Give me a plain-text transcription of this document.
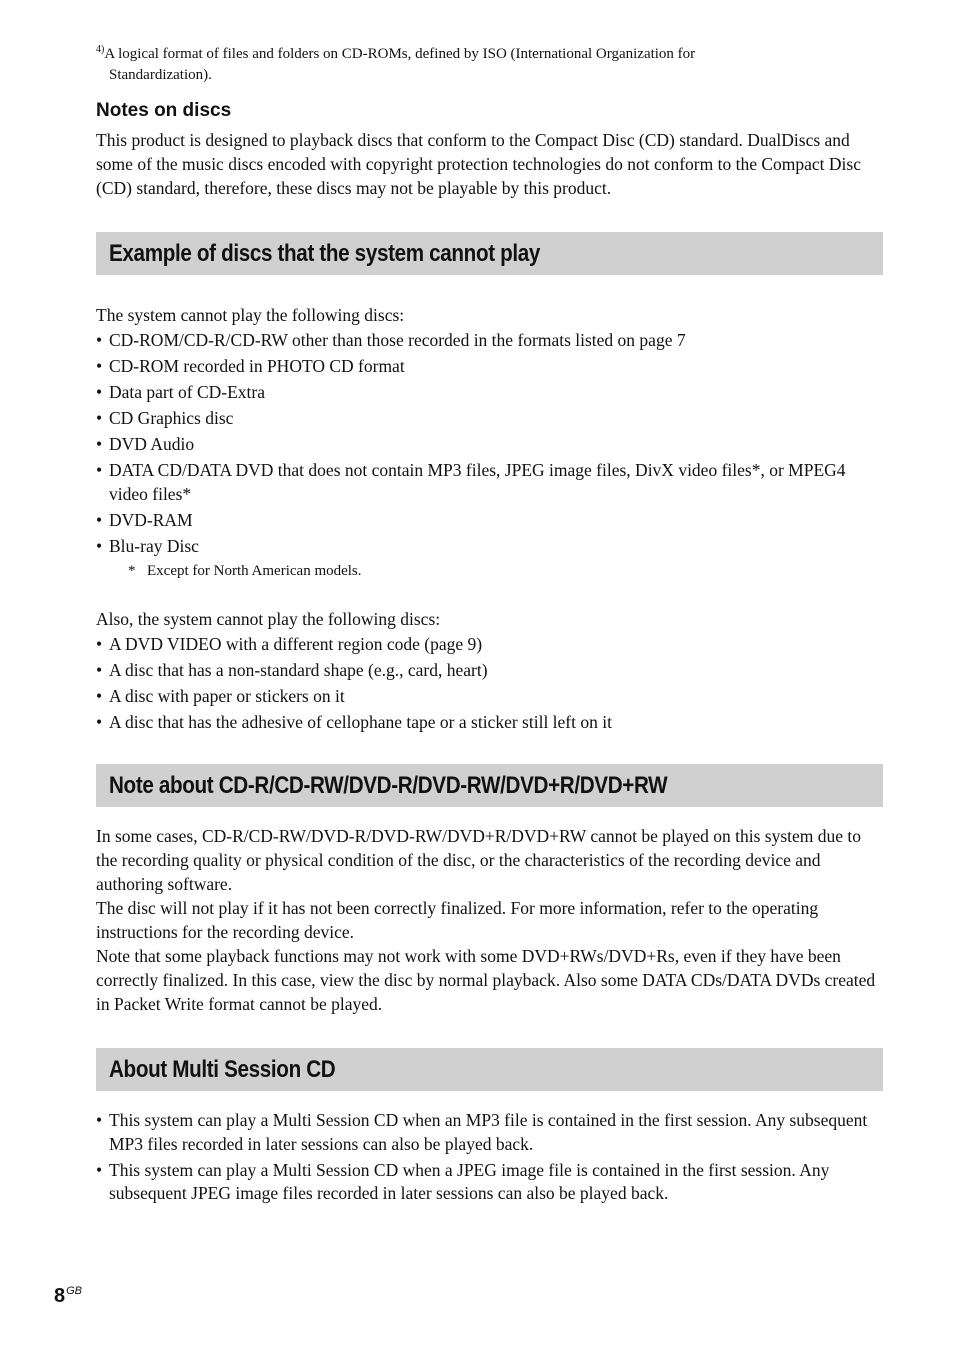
$^{4)}$A logical format of files and folders on CD-ROMs, defined by ISO (International Organization for
Standardization).

Notes on discs

This product is designed to playback discs that conform to the Compact Disc (CD) standard. DualDiscs and some of the music discs encoded with copyright protection technologies do not conform to the Compact Disc (CD) standard, therefore, these discs may not be playable by this product.

Example of discs that the system cannot play

The system cannot play the following discs:

• CD-ROM/CD-R/CD-RW other than those recorded in the formats listed on page 7
• CD-ROM recorded in PHOTO CD format
• Data part of CD-Extra
• CD Graphics disc
• DVD Audio
• DATA CD/DATA DVD that does not contain MP3 files, JPEG image files, DivX video files*, or MPEG4 video files*
• DVD-RAM
• Blu-ray Disc

* Except for North American models.

Also, the system cannot play the following discs:

• A DVD VIDEO with a different region code (page 9)
• A disc that has a non-standard shape (e.g., card, heart)
• A disc with paper or stickers on it
• A disc that has the adhesive of cellophane tape or a sticker still left on it
Note about CD-R/CD-RW/DVD-R/DVD-RW/DVD+R/DVD+RW

In some cases, CD-R/CD-RW/DVD-R/DVD-RW/DVD+R/DVD+RW cannot be played on this system due to the recording quality or physical condition of the disc, or the characteristics of the recording device and authoring software.

The disc will not play if it has not been correctly finalized. For more information, refer to the operating instructions for the recording device.

Note that some playback functions may not work with some DVD+RWs/DVD+Rs, even if they have been correctly finalized. In this case, view the disc by normal playback. Also some DATA CDs/DATA DVDs created in Packet Write format cannot be played.

About Multi Session CD
• This system can play a Multi Session CD when an MP3 file is contained in the first session. Any subsequent MP3 files recorded in later sessions can also be played back.
• This system can play a Multi Session CD when a JPEG image file is contained in the first session. Any subsequent JPEG image files recorded in later sessions can also be played back.
$8^{GB}$
